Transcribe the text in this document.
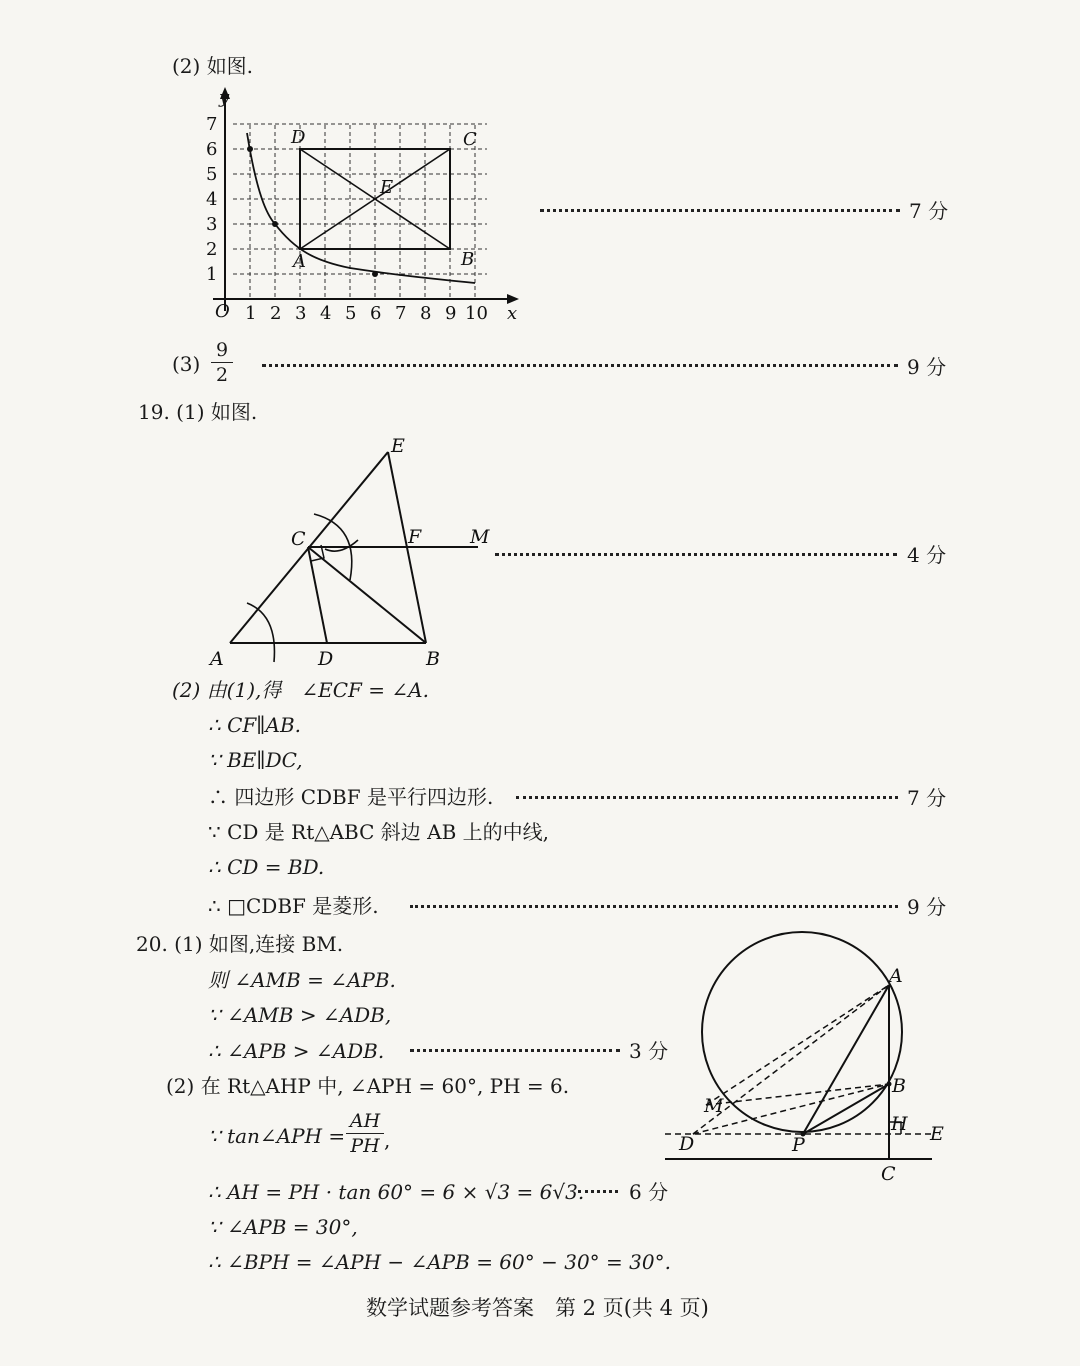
(2) 如图.
1 2 3 4 5 6 7 8 9 10
1
2
3
4
5
6
7
O	x
y
A	B
C
D
E
7 分
(3)
9
2	9 分
19. (1) 如图.
A	D	B
C
E
F	M
4 分
(2) 由(1),得　∠ECF = ∠A.
∴ CF∥AB.
∵ BE∥DC,
∴ 四边形 CDBF 是平行四边形.	7 分
∵ CD 是 Rt△ABC 斜边 AB 上的中线,
∴ CD = BD.
∴ □CDBF 是菱形.	9 分
20. (1) 如图,连接 BM.
则 ∠AMB = ∠APB.
∵ ∠AMB > ∠ADB,
∴ ∠APB > ∠ADB.	3 分
(2) 在 Rt△AHP 中, ∠APH = 60°, PH = 6.
∵ tan∠APH =
AH
PH ,
∴ AH = PH · tan 60° = 6 × √3 = 6√3. 6 分
∵ ∠APB = 30°,
∴ ∠BPH = ∠APH − ∠APB = 60° − 30° = 30°.
A
B
H E
C
D	P
M
数学试题参考答案　第 2 页(共 4 页)
